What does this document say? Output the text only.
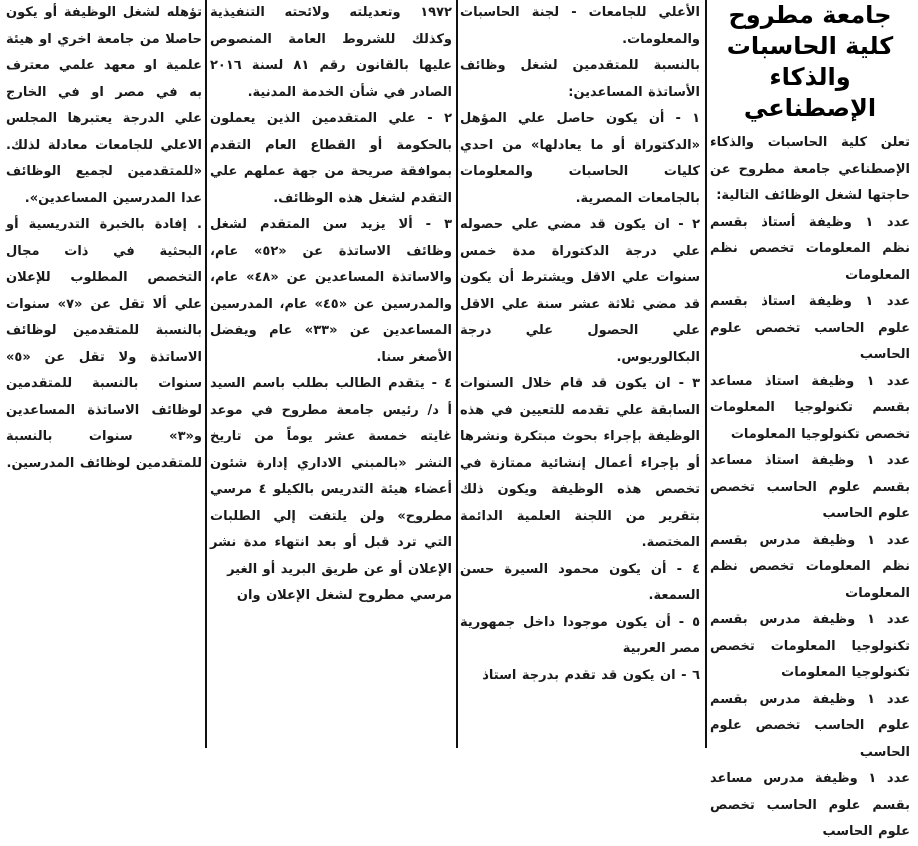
جامعة مطروح
كلية الحاسبات
والذكاء الإصطناعي

تعلن كلية الحاسبات والذكاء الإصطناعي جامعة مطروح عن حاجتها لشغل الوظائف التالية:

عدد ١ وظيفة أستاذ بقسم نظم المعلومات تخصص نظم المعلومات

عدد ١ وظيفة استاذ بقسم علوم الحاسب تخصص علوم الحاسب

عدد ١ وظيفة استاذ مساعد بقسم تكنولوجيا المعلومات تخصص تكنولوجيا المعلومات

عدد ١ وظيفة استاذ مساعد بقسم علوم الحاسب تخصص علوم الحاسب

عدد ١ وظيفة مدرس بقسم نظم المعلومات تخصص نظم المعلومات

عدد ١ وظيفة مدرس بقسم تكنولوجيا المعلومات تخصص تكنولوجيا المعلومات

عدد ١ وظيفة مدرس بقسم علوم الحاسب تخصص علوم الحاسب

عدد ١ وظيفة مدرس مساعد بقسم علوم الحاسب تخصص علوم الحاسب

الأعلي للجامعات - لجنة الحاسبات والمعلومات.

بالنسبة للمتقدمين لشغل وظائف الأساتذة المساعدين:

١ - أن يكون حاصل علي المؤهل «الدكتوراة أو ما يعادلها» من احدي كليات الحاسبات والمعلومات بالجامعات المصرية.

٢ - ان يكون قد مضي علي حصوله علي درجة الدكتوراة مدة خمس سنوات علي الاقل ويشترط أن يكون قد مضي ثلاثة عشر سنة علي الاقل علي الحصول علي درجة البكالوريوس.

٣ - ان يكون قد قام خلال السنوات السابقة علي تقدمه للتعيين في هذه الوظيفة بإجراء بحوث مبتكرة ونشرها أو بإجراء أعمال إنشائية ممتازة في تخصص هذه الوظيفة ويكون ذلك بتقرير من اللجنة العلمية الدائمة المختصة.

٤ - أن يكون محمود السيرة حسن السمعة.

٥ - أن يكون موجودا داخل جمهورية مصر العربية

٦ - ان يكون قد تقدم بدرجة استاذ

١٩٧٢ وتعديلته ولائحته التنفيذية وكذلك للشروط العامة المنصوص عليها بالقانون رقم ٨١ لسنة ٢٠١٦ الصادر في شأن الخدمة المدنية.

٢ - علي المتقدمين الذين يعملون بالحكومة أو القطاع العام التقدم بموافقة صريحة من جهة عملهم علي التقدم لشغل هذه الوظائف.

٣ - ألا يزيد سن المتقدم لشغل وظائف الاساتذة عن «٥٢» عام، والاساتذة المساعدين عن «٤٨» عام، والمدرسين عن «٤٥» عام، المدرسين المساعدين عن «٣٣» عام ويفضل الأصغر سنا.

٤ - يتقدم الطالب بطلب باسم السيد أ د/ رئيس جامعة مطروح في موعد غايته خمسة عشر يوماً من تاريخ النشر «بالمبني الاداري إدارة شئون أعضاء هيئة التدريس بالكيلو ٤ مرسي مطروح» ولن يلتفت إلي الطلبات التي ترد قبل أو بعد انتهاء مدة نشر الإعلان أو عن طريق البريد أو الغير

مرسي مطروح لشغل الإعلان وان

تؤهله لشغل الوظيفة أو يكون حاصلا من جامعة اخري او هيئة علمية او معهد علمي معترف به في مصر او في الخارج علي الدرجة يعتبرها المجلس الاعلي للجامعات معادلة لذلك. «للمتقدمين لجميع الوظائف عدا المدرسين المساعدين».

. إفادة بالخبرة التدريسية أو البحثية في ذات مجال التخصص المطلوب للإعلان علي ألا تقل عن «٧» سنوات بالنسبة للمتقدمين لوظائف الاساتذة ولا تقل عن «٥» سنوات بالنسبة للمتقدمين لوظائف الاساتذة المساعدين و«٣» سنوات بالنسبة للمتقدمين لوظائف المدرسين.
